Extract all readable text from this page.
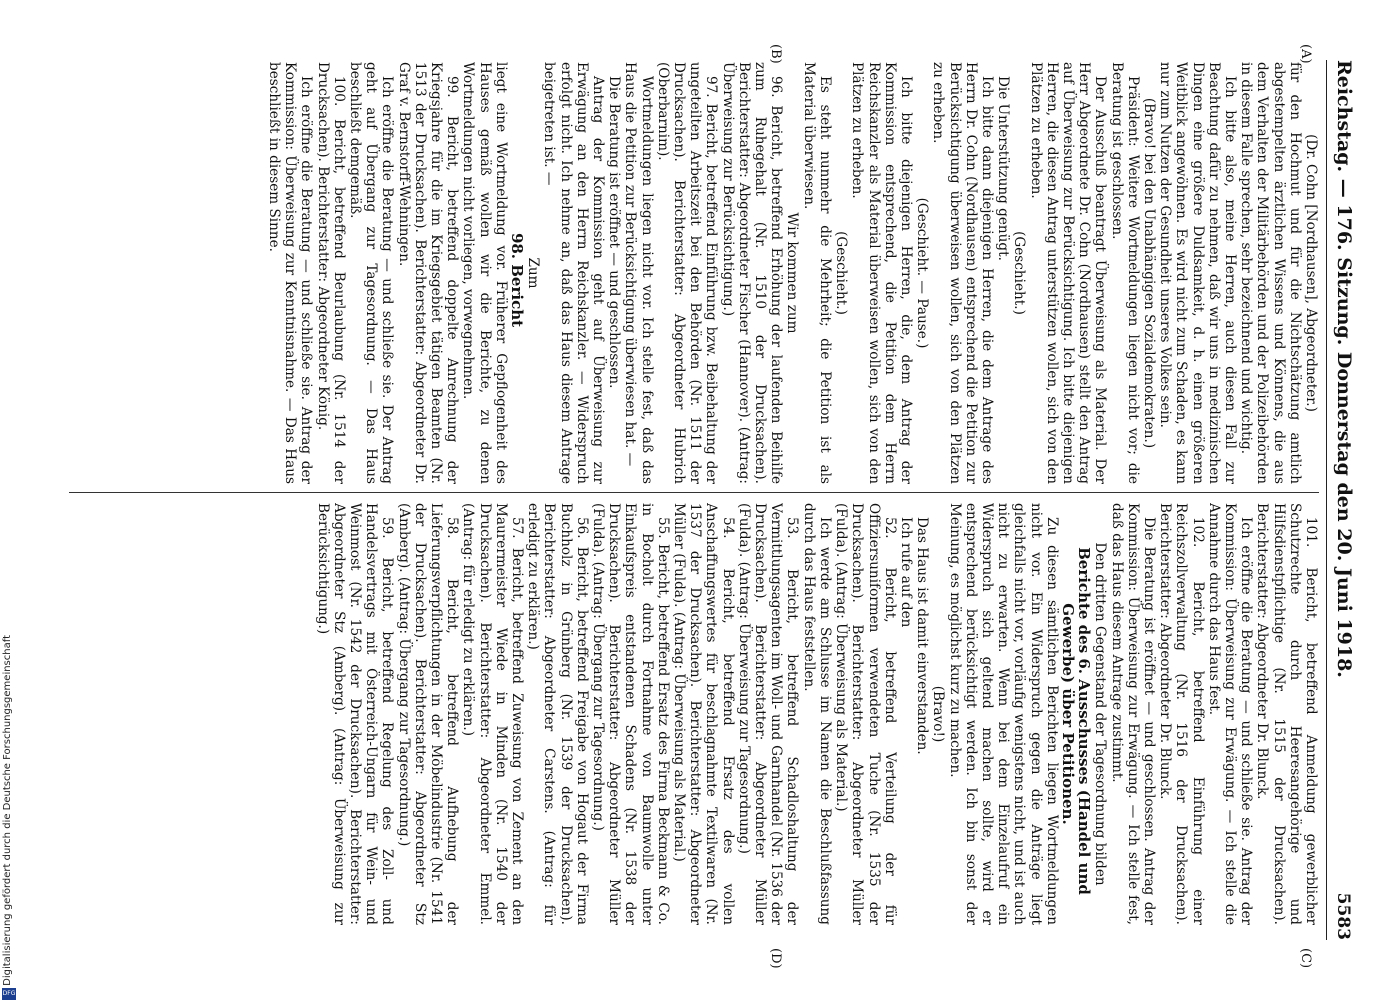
Reichstag. — 176. Sitzung. Donnerstag den 20. Juni 1918.
5583
(A)
(B)
(C)
(D)

(Dr. Cohn [Nordhausen], Abgeordneter.)

für den Hochmut und für die Nichtschätzung amtlich abgestempelten ärztlichen Wissens und Könnens, die aus dem Verhalten der Militärbehörden und der Polizeibehörden in diesem Falle sprechen, sehr bezeichnend und wichtig.

Ich bitte also, meine Herren, auch diesen Fall zur Beachtung dafür zu nehmen, daß wir uns in medizinischen Dingen eine größere Duldsamkeit, d. h. einen größeren Weitblick angewöhnen. Es wird nicht zum Schaden, es kann nur zum Nutzen der Gesundheit unseres Volkes sein.

(Bravo! bei den Unabhängigen Sozialdemokraten.)

Präsident: Weitere Wortmeldungen liegen nicht vor; die Beratung ist geschlossen.

Der Ausschuß beantragt Überweisung als Material. Der Herr Abgeordnete Dr. Cohn (Nordhausen) stellt den Antrag auf Überweisung zur Berücksichtigung. Ich bitte diejenigen Herren, die diesen Antrag unterstützen wollen, sich von den Plätzen zu erheben.

(Geschieht.)

Die Unterstützung genügt.

Ich bitte dann diejenigen Herren, die dem Antrage des Herrn Dr. Cohn (Nordhausen) entsprechend die Petition zur Berücksichtigung überweisen wollen, sich von den Plätzen zu erheben.

(Geschieht. — Pause.)

Ich bitte diejenigen Herren, die, dem Antrag der Kommission entsprechend, die Petition dem Herrn Reichskanzler als Material überweisen wollen, sich von den Plätzen zu erheben.

(Geschieht.)

Es steht nunmehr die Mehrheit; die Petition ist als Material überwiesen.

Wir kommen zum

96. Bericht, betreffend Erhöhung der laufenden Beihilfe zum Ruhegehalt (Nr. 1510 der Drucksachen). Berichterstatter: Abgeordneter Fischer (Hannover). (Antrag: Überweisung zur Berücksichtigung.)

97. Bericht, betreffend Einführung bzw. Beibehaltung der ungeteilten Arbeitszeit bei den Behörden (Nr. 1511 der Drucksachen). Berichterstatter: Abgeordneter Hubrich (Oberbarnim).

Wortmeldungen liegen nicht vor. Ich stelle fest, daß das Haus die Petition zur Berücksichtigung überwiesen hat. —

Die Beratung ist eröffnet — und geschlossen.

Antrag der Kommission geht auf Überweisung zur Erwägung an den Herrn Reichskanzler. — Widerspruch erfolgt nicht. Ich nehme an, daß das Haus diesem Antrage beigetreten ist. —

Zum

98. Bericht

liegt eine Wortmeldung vor. Früherer Gepflogenheit des Hauses gemäß wollen wir die Berichte, zu denen Wortmeldungen nicht vorliegen, vorwegnehmen.

99. Bericht, betreffend doppelte Anrechnung der Kriegsjahre für die im Kriegsgebiet tätigen Beamten (Nr. 1513 der Drucksachen). Berichterstatter: Abgeordneter Dr. Graf v. Bernstorff-Wehningen.

Ich eröffne die Beratung — und schließe sie. Der Antrag geht auf Übergang zur Tagesordnung. — Das Haus beschließt demgemäß.

100. Bericht, betreffend Beurlaubung (Nr. 1514 der Drucksachen). Berichterstatter: Abgeordneter König.

Ich eröffne die Beratung — und schließe sie. Antrag der Kommission: Überweisung zur Kenntnisnahme. — Das Haus beschließt in diesem Sinne.

101. Bericht, betreffend Anmeldung gewerblicher Schutzrechte durch Heeresangehörige und Hilfsdienstpflichtige (Nr. 1515 der Drucksachen). Berichterstatter: Abgeordneter Dr. Blunck.

Ich eröffne die Beratung — und schließe sie. Antrag der Kommission: Überweisung zur Erwägung. — Ich stelle die Annahme durch das Haus fest.

102. Bericht, betreffend Einführung einer Reichszollverwaltung (Nr. 1516 der Drucksachen). Berichterstatter: Abgeordneter Dr. Blunck.

Die Beratung ist eröffnet — und geschlossen. Antrag der Kommission: Überweisung zur Erwägung. — Ich stelle fest, daß das Haus diesem Antrage zustimmt.

Den dritten Gegenstand der Tagesordnung bilden

Berichte des 6. Ausschusses (Handel und Gewerbe) über Petitionen.

Zu diesen sämtlichen Berichten liegen Wortmeldungen nicht vor. Ein Widerspruch gegen die Anträge liegt gleichfalls nicht vor, vorläufig wenigstens nicht, und ist auch nicht zu erwarten. Wenn bei dem Einzelaufruf ein Widerspruch sich geltend machen sollte, wird er entsprechend berücksichtigt werden. Ich bin sonst der Meinung, es möglichst kurz zu machen.

(Bravo!)

Das Haus ist damit einverstanden.

Ich rufe auf den

52. Bericht, betreffend Verteilung der für Offiziersuniformen verwendeten Tuche (Nr. 1535 der Drucksachen). Berichterstatter: Abgeordneter Müller (Fulda). (Antrag: Überweisung als Material.)

Ich werde am Schlusse im Namen die Beschlußfassung durch das Haus feststellen.

53. Bericht, betreffend Schadloshaltung der Vermittlungsagenten im Woll- und Garnhandel (Nr. 1536 der Drucksachen). Berichterstatter: Abgeordneter Müller (Fulda). (Antrag: Überweisung zur Tagesordnung.)

54. Bericht, betreffend Ersatz des vollen Anschaffungswertes für beschlagnahmte Textilwaren (Nr. 1537 der Drucksachen). Berichterstatter: Abgeordneter Müller (Fulda). (Antrag: Überweisung als Material.)

55. Bericht, betreffend Ersatz des Firma Beckmann & Co. in Bocholt durch Fortnahme von Baumwolle unter Einkaufspreis entstandenen Schadens (Nr. 1538 der Drucksachen). Berichterstatter: Abgeordneter Müller (Fulda). (Antrag: Übergang zur Tagesordnung.)

56. Bericht, betreffend Freigabe von Hogaut der Firma Buchholz in Grünberg (Nr. 1539 der Drucksachen). Berichterstatter: Abgeordneter Carstens. (Antrag: für erledigt zu erklären.)

57. Bericht, betreffend Zuweisung von Zement an den Maurermeister Wiede in Minden (Nr. 1540 der Drucksachen). Berichterstatter: Abgeordneter Emmel. (Antrag: für erledigt zu erklären.)

58. Bericht, betreffend Aufhebung der Lieferungsverpflichtungen in der Möbelindustrie (Nr. 1541 der Drucksachen). Berichterstatter: Abgeordneter Stz (Amberg). (Antrag: Übergang zur Tagesordnung.)

59. Bericht, betreffend Regelung des Zoll- und Handelsvertrags mit Österreich-Ungarn für Wein- und Weinmost (Nr. 1542 der Drucksachen). Berichterstatter: Abgeordneter Stz (Amberg). (Antrag: Überweisung zur Berücksichtigung.)

Digitalisierung gefördert durch die Deutsche Forschungsgemeinschaft
DFG
